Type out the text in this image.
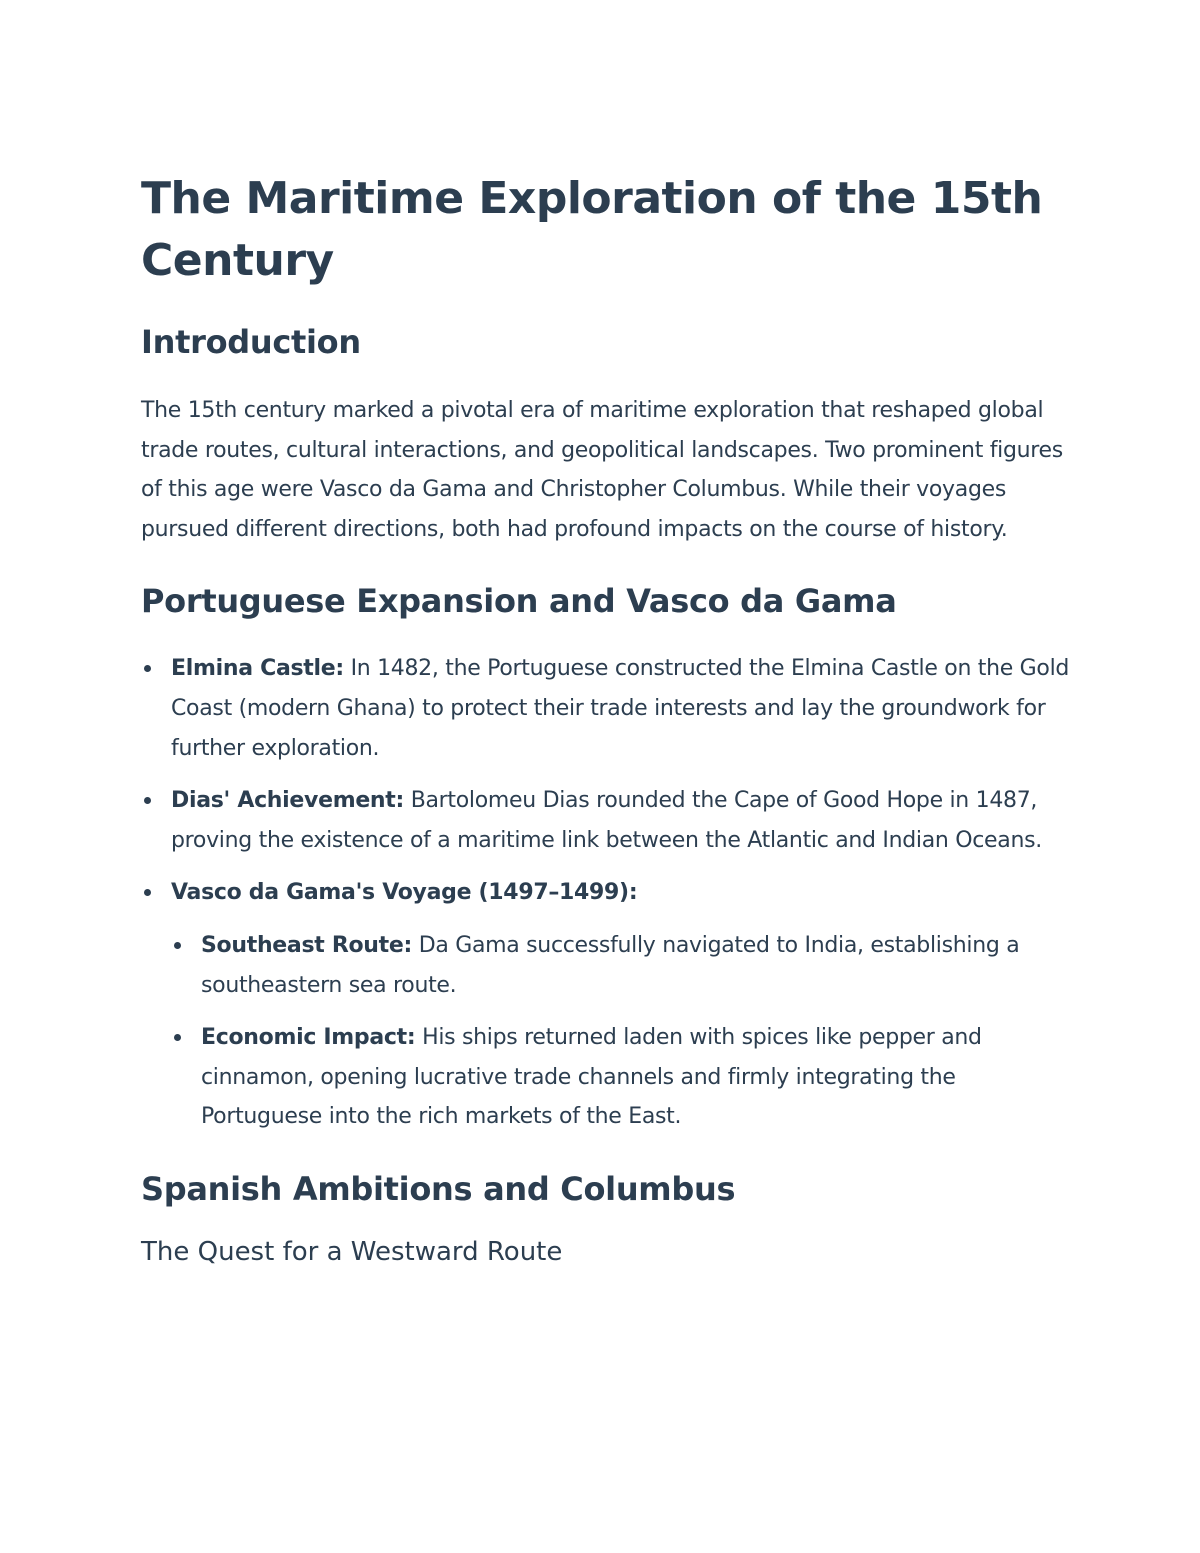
The Maritime Exploration of the 15th Century
Introduction

The 15th century marked a pivotal era of maritime exploration that reshaped global trade routes, cultural interactions, and geopolitical landscapes. Two prominent figures of this age were Vasco da Gama and Christopher Columbus. While their voyages pursued different directions, both had profound impacts on the course of history.

Portuguese Expansion and Vasco da Gama
Elmina Castle: In 1482, the Portuguese constructed the Elmina Castle on the Gold Coast (modern Ghana) to protect their trade interests and lay the groundwork for further exploration.
Dias' Achievement: Bartolomeu Dias rounded the Cape of Good Hope in 1487, proving the existence of a maritime link between the Atlantic and Indian Oceans.
Vasco da Gama's Voyage (1497–1499):
Southeast Route: Da Gama successfully navigated to India, establishing a southeastern sea route.
Economic Impact: His ships returned laden with spices like pepper and cinnamon, opening lucrative trade channels and firmly integrating the Portuguese into the rich markets of the East.
Spanish Ambitions and Columbus
The Quest for a Westward Route
